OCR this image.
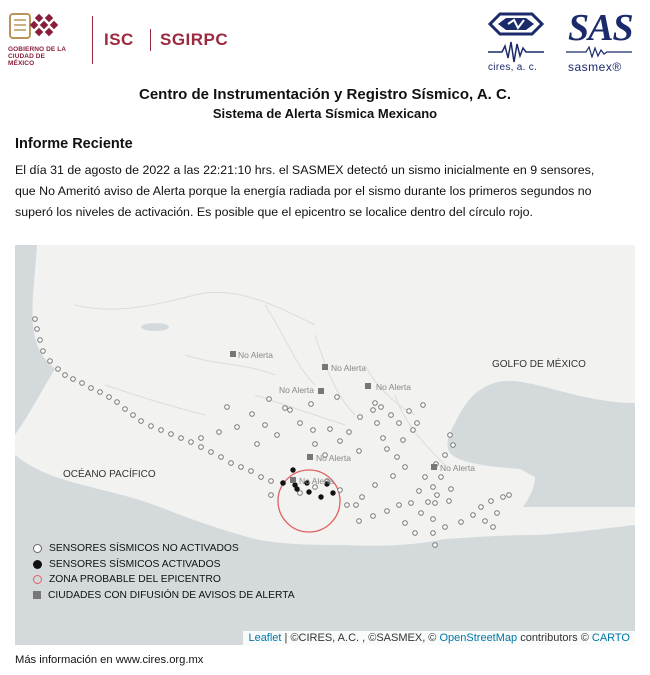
GOBIERNO DE LA
CIUDAD DE MÉXICO
ISC SGIRPC
cires, a. c.
SAS
sasmex®
Centro de Instrumentación y Registro Sísmico, A. C.
Sistema de Alerta Sísmica Mexicano
Informe Reciente
El día 31 de agosto de 2022 a las 22:21:10 hrs. el SASMEX detectó un sismo inicialmente en 9 sensores,
que No Ameritó aviso de Alerta porque la energía radiada por el sismo durante los primeros segundos no
superó los niveles de activación. Es posible que el epicentro se localice dentro del círculo rojo.
GOLFO DE MÉXICO
OCÉANO PACÍFICO
No Alerta
No Alerta
No Alerta	No Alerta
No Alerta
No Alerta
No Alerta
SENSORES SÍSMICOS NO ACTIVADOS
SENSORES SÍSMICOS ACTIVADOS
ZONA PROBABLE DEL EPICENTRO
CIUDADES CON DIFUSIÓN DE AVISOS DE ALERTA
Leaflet | ©CIRES, A.C. , ©SASMEX, © OpenStreetMap contributors © CARTO
Más información en www.cires.org.mx
